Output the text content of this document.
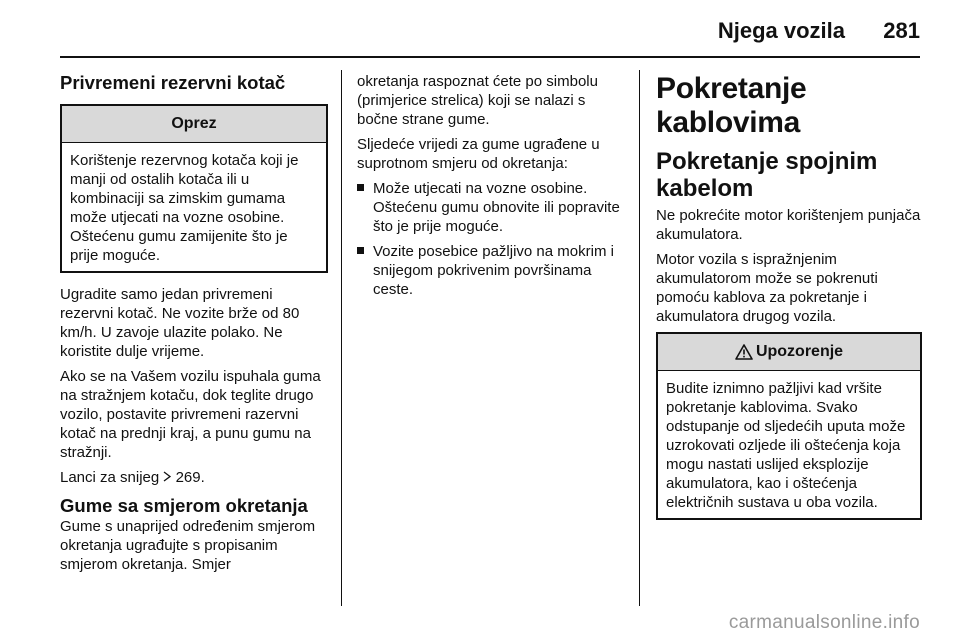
Njega vozila 281
Privremeni rezervni kotač
Oprez
Korištenje rezervnog kotača koji je manji od ostalih kotača ili u kombinaciji sa zimskim gumama može utjecati na vozne osobine. Oštećenu gumu zamijenite što je prije moguće.

Ugradite samo jedan privremeni rezervni kotač. Ne vozite brže od 80 km/h. U zavoje ulazite polako. Ne koristite dulje vrijeme.

Ako se na Vašem vozilu ispuhala guma na stražnjem kotaču, dok teglite drugo vozilo, postavite privremeni razervni kotač na prednji kraj, a punu gumu na stražnji.

Lanci za snijeg 269.

Gume sa smjerom okretanja

Gume s unaprijed određenim smjerom okretanja ugrađujte s propisanim smjerom okretanja. Smjer

okretanja raspoznat ćete po simbolu (primjerice strelica) koji se nalazi s bočne strane gume.

Sljedeće vrijedi za gume ugrađene u suprotnom smjeru od okretanja:

Može utjecati na vozne osobine. Oštećenu gumu obnovite ili popravite što je prije moguće.
Vozite posebice pažljivo na mokrim i snijegom pokrivenim površinama ceste.
Pokretanje kablovima
Pokretanje spojnim kabelom

Ne pokrećite motor korištenjem punjača akumulatora.

Motor vozila s ispražnjenim akumulatorom može se pokrenuti pomoću kablova za pokretanje i akumulatora drugog vozila.

Upozorenje
Budite iznimno pažljivi kad vršite pokretanje kablovima. Svako odstupanje od sljedećih uputa može uzrokovati ozljede ili oštećenja koja mogu nastati uslijed eksplozije akumulatora, kao i oštećenja električnih sustava u oba vozila.
carmanualsonline.info
